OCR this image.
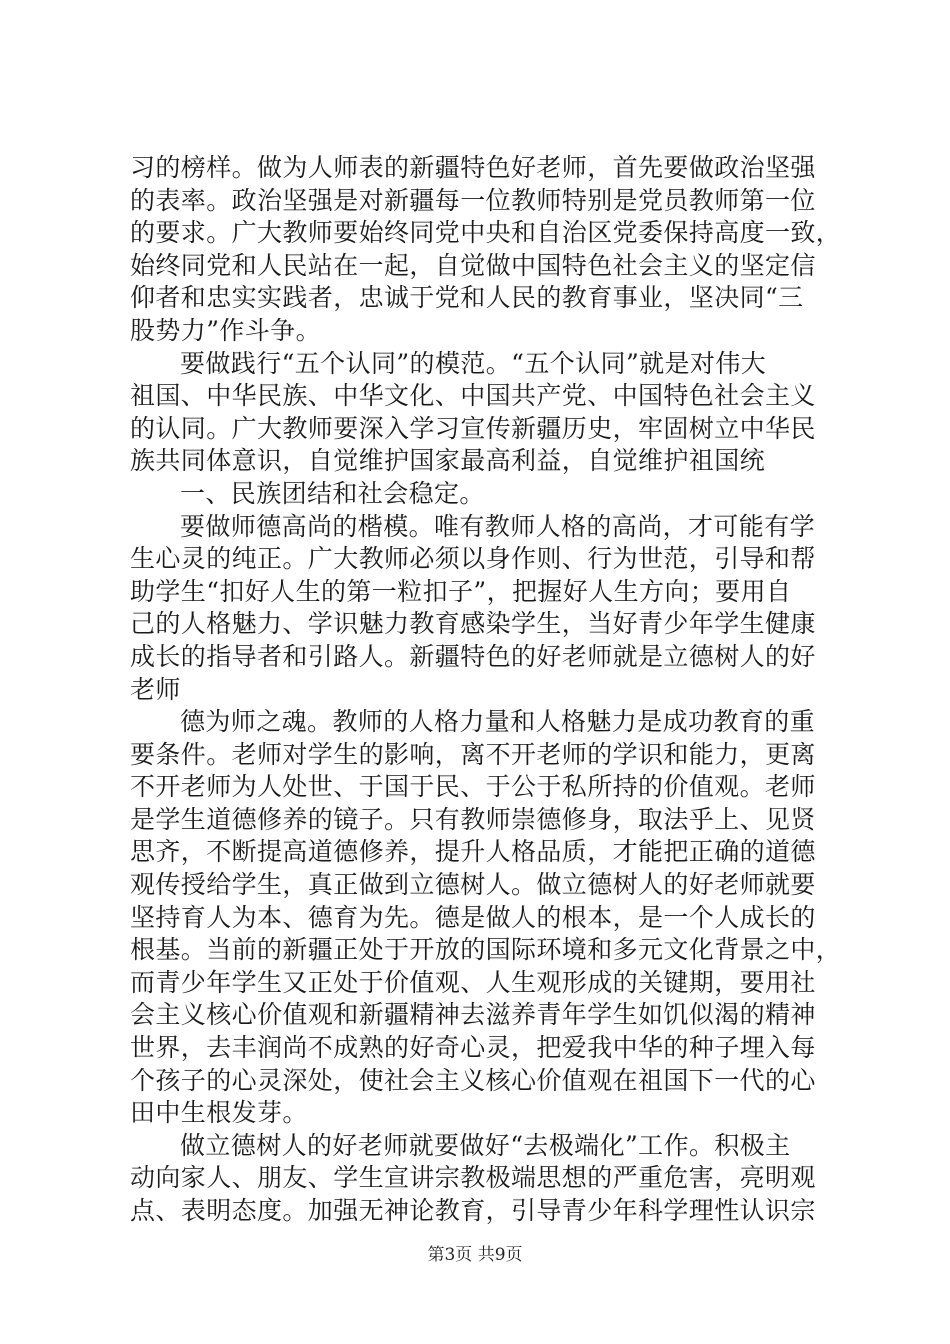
习的榜样。做为人师表的新疆特色好老师，首先要做政治坚强
的表率。政治坚强是对新疆每一位教师特别是党员教师第一位
的要求。广大教师要始终同党中央和自治区党委保持高度一致，
始终同党和人民站在一起，自觉做中国特色社会主义的坚定信
仰者和忠实实践者，忠诚于党和人民的教育事业，坚决同“三
股势力”作斗争。
要做践行“五个认同”的模范。“五个认同”就是对伟大
祖国、中华民族、中华文化、中国共产党、中国特色社会主义
的认同。广大教师要深入学习宣传新疆历史，牢固树立中华民
族共同体意识，自觉维护国家最高利益，自觉维护祖国统
一、民族团结和社会稳定。
要做师德高尚的楷模。唯有教师人格的高尚，才可能有学
生心灵的纯正。广大教师必须以身作则、行为世范，引导和帮
助学生“扣好人生的第一粒扣子”，把握好人生方向；要用自
己的人格魅力、学识魅力教育感染学生，当好青少年学生健康
成长的指导者和引路人。新疆特色的好老师就是立德树人的好
老师
德为师之魂。教师的人格力量和人格魅力是成功教育的重
要条件。老师对学生的影响，离不开老师的学识和能力，更离
不开老师为人处世、于国于民、于公于私所持的价值观。老师
是学生道德修养的镜子。只有教师崇德修身，取法乎上、见贤
思齐，不断提高道德修养，提升人格品质，才能把正确的道德
观传授给学生，真正做到立德树人。做立德树人的好老师就要
坚持育人为本、德育为先。德是做人的根本，是一个人成长的
根基。当前的新疆正处于开放的国际环境和多元文化背景之中，
而青少年学生又正处于价值观、人生观形成的关键期，要用社
会主义核心价值观和新疆精神去滋养青年学生如饥似渴的精神
世界，去丰润尚不成熟的好奇心灵，把爱我中华的种子埋入每
个孩子的心灵深处，使社会主义核心价值观在祖国下一代的心
田中生根发芽。
做立德树人的好老师就要做好“去极端化”工作。积极主
动向家人、朋友、学生宣讲宗教极端思想的严重危害，亮明观
点、表明态度。加强无神论教育，引导青少年科学理性认识宗
第3页 共9页
